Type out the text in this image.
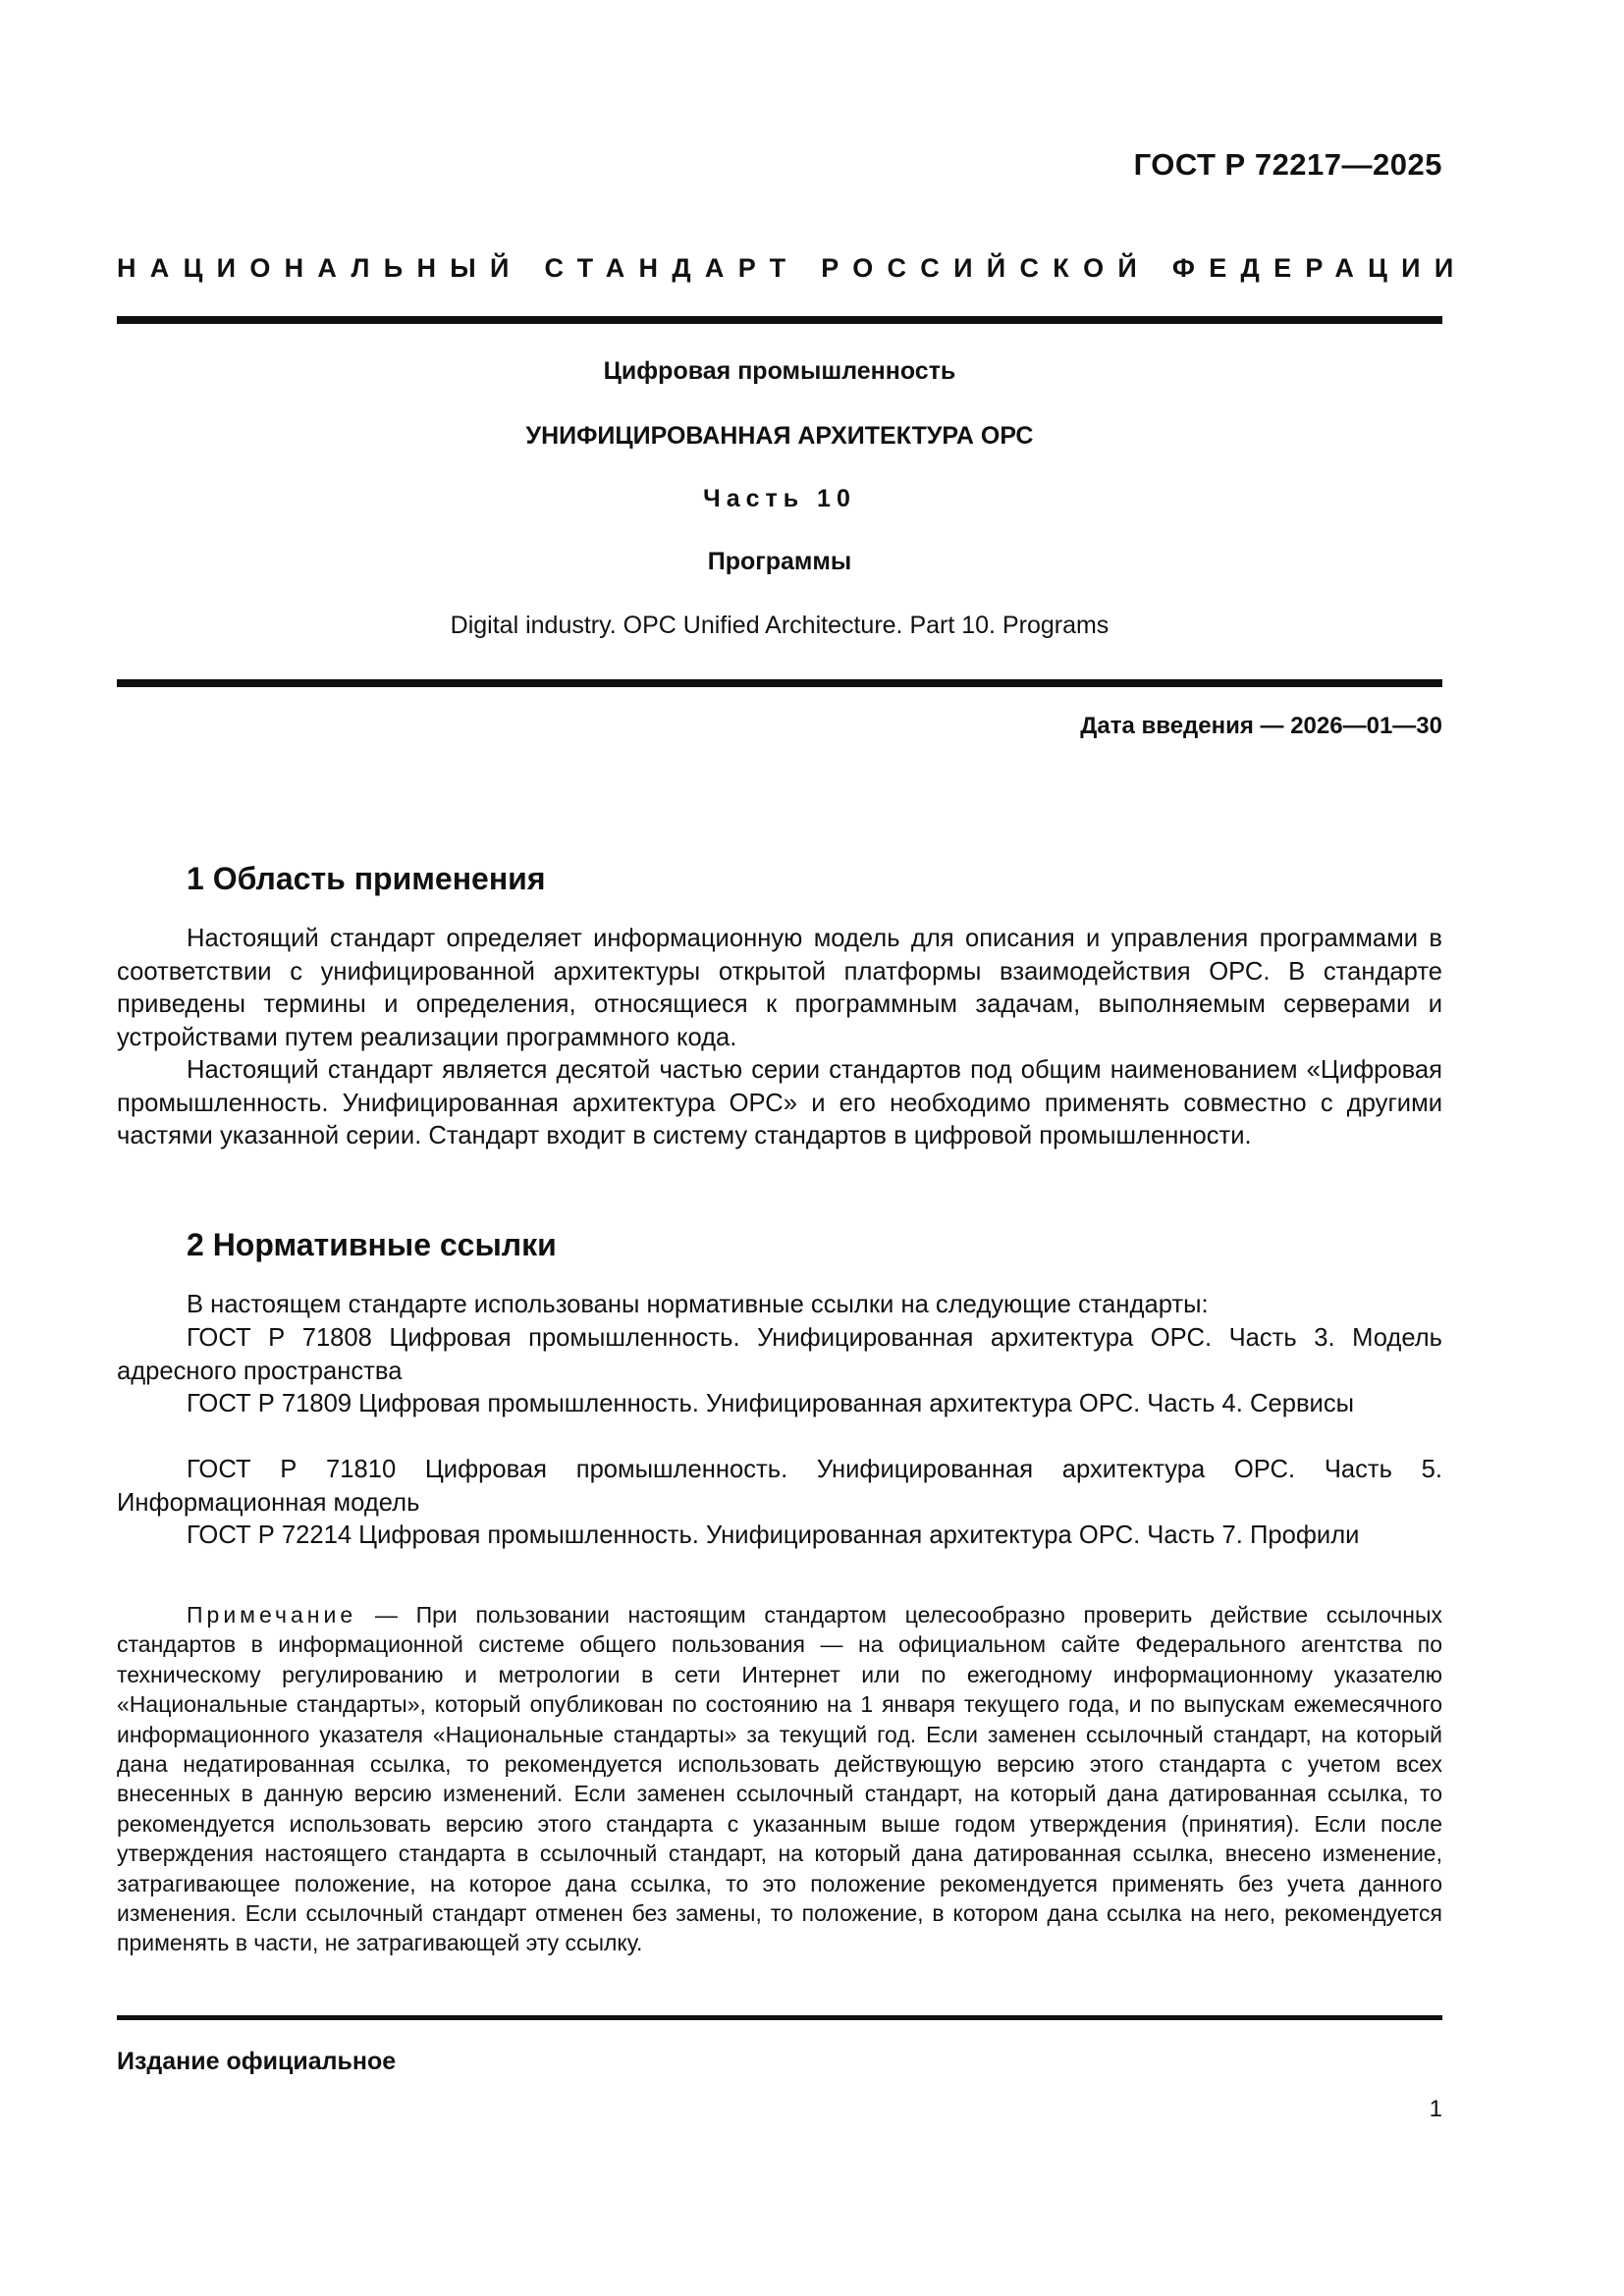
ГОСТ Р 72217—2025
НАЦИОНАЛЬНЫЙ СТАНДАРТ РОССИЙСКОЙ ФЕДЕРАЦИИ
Цифровая промышленность
УНИФИЦИРОВАННАЯ АРХИТЕКТУРА ОРС
Часть 10
Программы
Digital industry. OPC Unified Architecture. Part 10. Programs
Дата введения — 2026—01—30
1 Область применения

Настоящий стандарт определяет информационную модель для описания и управления программами в соответствии с унифицированной архитектуры открытой платформы взаимодействия ОРС. В стандарте приведены термины и определения, относящиеся к программным задачам, выполняемым серверами и устройствами путем реализации программного кода.

Настоящий стандарт является десятой частью серии стандартов под общим наименованием «Цифровая промышленность. Унифицированная архитектура ОРС» и его необходимо применять совместно с другими частями указанной серии. Стандарт входит в систему стандартов в цифровой промышленности.

2 Нормативные ссылки

В настоящем стандарте использованы нормативные ссылки на следующие стандарты:

ГОСТ Р 71808 Цифровая промышленность. Унифицированная архитектура ОРС. Часть 3. Модель адресного пространства

ГОСТ Р 71809 Цифровая промышленность. Унифицированная архитектура ОРС. Часть 4. Сервисы

ГОСТ Р 71810 Цифровая промышленность. Унифицированная архитектура ОРС. Часть 5. Информационная модель

ГОСТ Р 72214 Цифровая промышленность. Унифицированная архитектура ОРС. Часть 7. Профили

Примечание — При пользовании настоящим стандартом целесообразно проверить действие ссылочных стандартов в информационной системе общего пользования — на официальном сайте Федерального агентства по техническому регулированию и метрологии в сети Интернет или по ежегодному информационному указателю «Национальные стандарты», который опубликован по состоянию на 1 января текущего года, и по выпускам ежемесячного информационного указателя «Национальные стандарты» за текущий год. Если заменен ссылочный стандарт, на который дана недатированная ссылка, то рекомендуется использовать действующую версию этого стандарта с учетом всех внесенных в данную версию изменений. Если заменен ссылочный стандарт, на который дана датированная ссылка, то рекомендуется использовать версию этого стандарта с указанным выше годом утверждения (принятия). Если после утверждения настоящего стандарта в ссылочный стандарт, на который дана датированная ссылка, внесено изменение, затрагивающее положение, на которое дана ссылка, то это положение рекомендуется применять без учета данного изменения. Если ссылочный стандарт отменен без замены, то положение, в котором дана ссылка на него, рекомендуется применять в части, не затрагивающей эту ссылку.

Издание официальное
1
